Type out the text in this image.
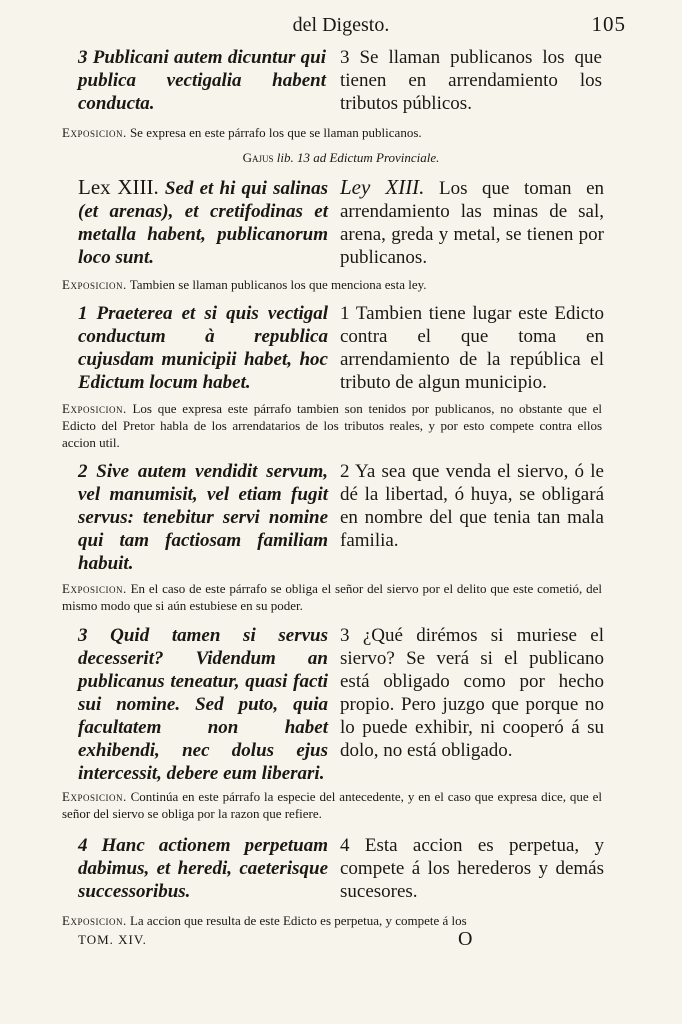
del Digesto.	105
3 Publicani autem dicuntur qui publica vectigalia habent conducta.
3 Se llaman publicanos los que tienen en arrendamiento los tributos públicos.
Exposicion. Se expresa en este párrafo los que se llaman publicanos.
Gajus lib. 13 ad Edictum Provinciale.
Lex XIII. Sed et hi qui salinas (et arenas), et cretifodinas et metalla habent, publicanorum loco sunt.
Ley XIII. Los que toman en arrendamiento las minas de sal, arena, greda y metal, se tienen por publicanos.
Exposicion. Tambien se llaman publicanos los que menciona esta ley.
1 Praeterea et si quis vectigal conductum à republica cujusdam municipii habet, hoc Edictum locum habet.
1 Tambien tiene lugar este Edicto contra el que toma en arrendamiento de la república el tributo de algun municipio.
Exposicion. Los que expresa este párrafo tambien son tenidos por publicanos, no obstante que el Edicto del Pretor habla de los arrendatarios de los tributos reales, y por esto compete contra ellos accion util.
2 Sive autem vendidit servum, vel manumisit, vel etiam fugit servus: tenebitur servi nomine qui tam factiosam familiam habuit.
2 Ya sea que venda el siervo, ó le dé la libertad, ó huya, se obligará en nombre del que tenia tan mala familia.
Exposicion. En el caso de este párrafo se obliga el señor del siervo por el delito que este cometió, del mismo modo que si aún estubiese en su poder.
3 Quid tamen si servus decesserit? Videndum an publicanus teneatur, quasi facti sui nomine. Sed puto, quia facultatem non habet exhibendi, nec dolus ejus intercessit, debere eum liberari.
3 ¿Qué dirémos si muriese el siervo? Se verá si el publicano está obligado como por hecho propio. Pero juzgo que porque no lo puede exhibir, ni cooperó á su dolo, no está obligado.
Exposicion. Continúa en este párrafo la especie del antecedente, y en el caso que expresa dice, que el señor del siervo se obliga por la razon que refiere.
4 Hanc actionem perpetuam dabimus, et heredi, caeterisque successoribus.
4 Esta accion es perpetua, y compete á los herederos y demás sucesores.
Exposicion. La accion que resulta de este Edicto es perpetua, y compete á los
TOM. XIV.	O
